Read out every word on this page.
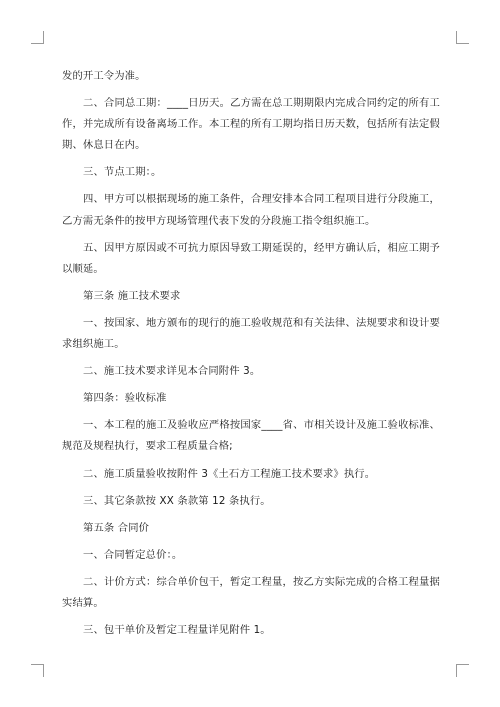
发的开工令为准。

二、合同总工期：____日历天。乙方需在总工期期限内完成合同约定的所有工作，并完成所有设备离场工作。本工程的所有工期均指日历天数，包括所有法定假期、休息日在内。

三、节点工期：。

四、甲方可以根据现场的施工条件，合理安排本合同工程项目进行分段施工，乙方需无条件的按甲方现场管理代表下发的分段施工指令组织施工。

五、因甲方原因或不可抗力原因导致工期延误的，经甲方确认后，相应工期予以顺延。

第三条 施工技术要求

一、按国家、地方颁布的现行的施工验收规范和有关法律、法规要求和设计要求组织施工。

二、施工技术要求详见本合同附件 3。

第四条：验收标准

一、本工程的施工及验收应严格按国家____省、市相关设计及施工验收标准、规范及规程执行，要求工程质量合格;

二、施工质量验收按附件 3《土石方工程施工技术要求》执行。

三、其它条款按 XX 条款第 12 条执行。

第五条 合同价

一、合同暂定总价：。

二、计价方式：综合单价包干，暂定工程量，按乙方实际完成的合格工程量据实结算。

三、包干单价及暂定工程量详见附件 1。
